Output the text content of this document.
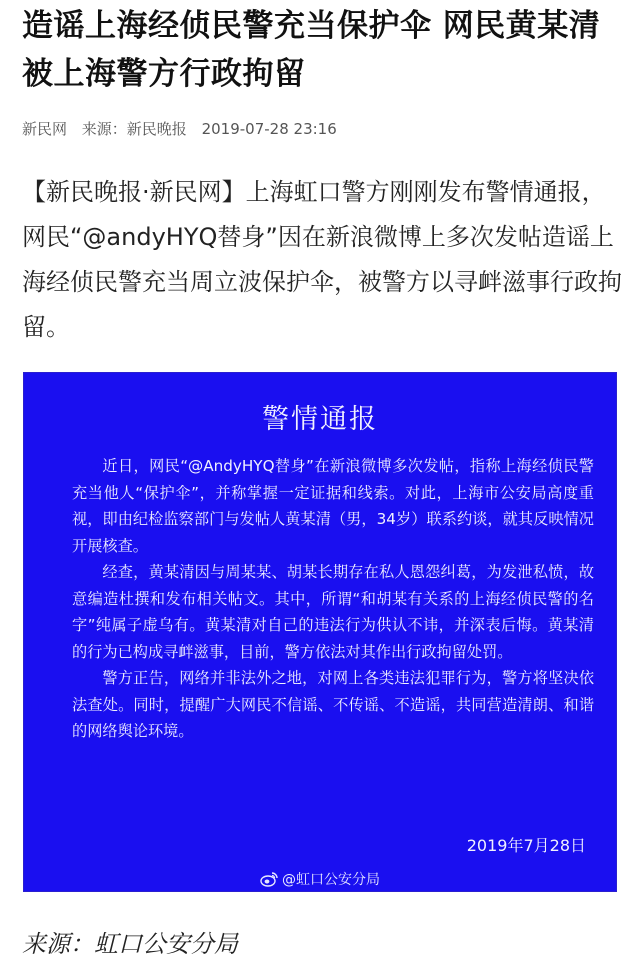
造谣上海经侦民警充当保护伞 网民黄某清被上海警方行政拘留
新民网 来源：新民晚报 2019-07-28 23:16
【新民晚报·新民网】上海虹口警方刚刚发布警情通报，网民“@andyHYQ替身”因在新浪微博上多次发帖造谣上海经侦民警充当周立波保护伞，被警方以寻衅滋事行政拘留。
警情通报

近日，网民“@AndyHYQ替身”在新浪微博多次发帖，指称上海经侦民警充当他人“保护伞”，并称掌握一定证据和线索。对此，上海市公安局高度重视，即由纪检监察部门与发帖人黄某清（男，34岁）联系约谈，就其反映情况开展核查。

经查，黄某清因与周某某、胡某长期存在私人恩怨纠葛，为发泄私愤，故意编造杜撰和发布相关帖文。其中，所谓“和胡某有关系的上海经侦民警的名字”纯属子虚乌有。黄某清对自己的违法行为供认不讳，并深表后悔。黄某清的行为已构成寻衅滋事，目前，警方依法对其作出行政拘留处罚。

警方正告，网络并非法外之地，对网上各类违法犯罪行为，警方将坚决依法查处。同时，提醒广大网民不信谣、不传谣、不造谣，共同营造清朗、和谐的网络舆论环境。

2019年7月28日
@虹口公安分局
来源：虹口公安分局
